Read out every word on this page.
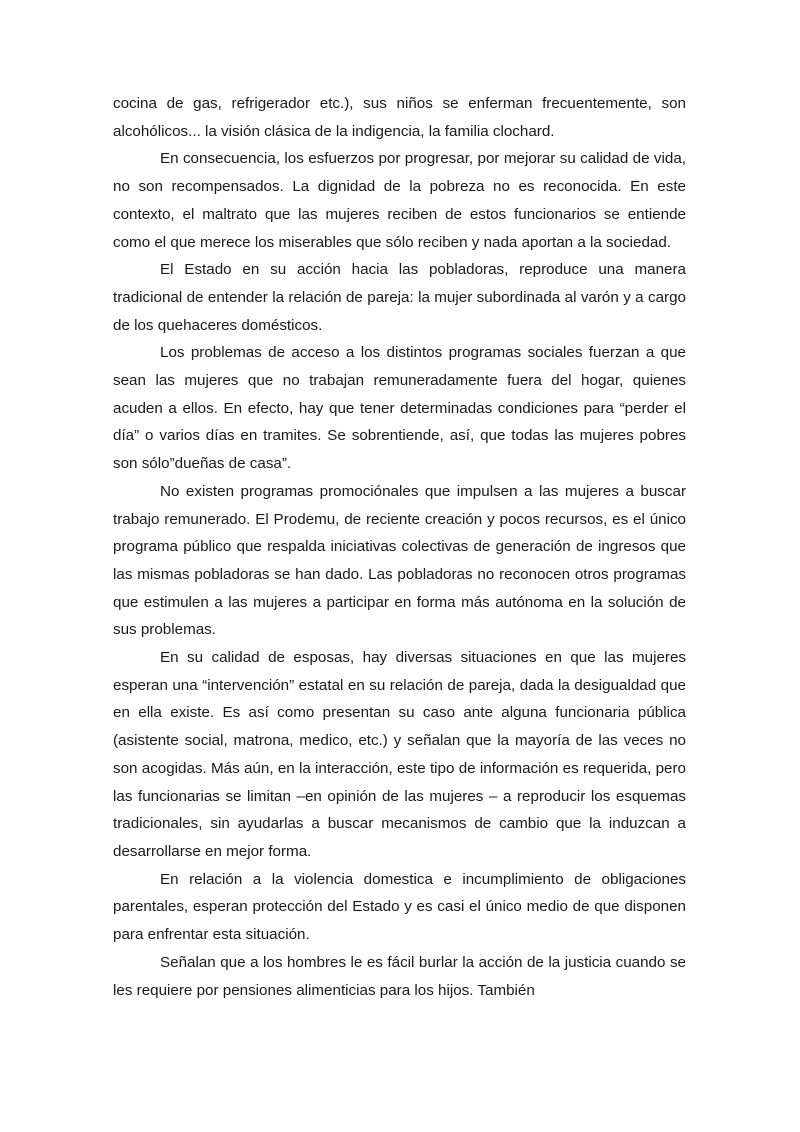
cocina de gas, refrigerador etc.), sus niños se enferman frecuentemente, son alcohólicos... la visión clásica de la indigencia, la familia clochard.

En consecuencia, los esfuerzos por progresar, por mejorar su calidad de vida, no son recompensados. La dignidad de la pobreza no es reconocida. En este contexto, el maltrato que las mujeres reciben de estos funcionarios se entiende como el que merece los miserables que sólo reciben y nada aportan a la sociedad.

El Estado en su acción hacia las pobladoras, reproduce una manera tradicional de entender la relación de pareja: la mujer subordinada al varón y a cargo de los quehaceres domésticos.

Los problemas de acceso a los distintos programas sociales fuerzan a que sean las mujeres que no trabajan remuneradamente fuera del hogar, quienes acuden a ellos. En efecto, hay que tener determinadas condiciones para “perder el día” o varios días en tramites. Se sobrentiende, así, que todas las mujeres pobres son sólo”dueñas de casa”.

No existen programas promociónales que impulsen a las mujeres a buscar trabajo remunerado. El Prodemu, de reciente creación y pocos recursos, es el único programa público que respalda iniciativas colectivas de generación de ingresos que las mismas pobladoras se han dado. Las pobladoras no reconocen otros programas que estimulen a las mujeres a participar en forma más autónoma en la solución de sus problemas.

En su calidad de esposas, hay diversas situaciones en que las mujeres esperan una “intervención” estatal en su relación de pareja, dada la desigualdad que en ella existe. Es así como presentan su caso ante alguna funcionaria pública (asistente social, matrona, medico, etc.) y señalan que la mayoría de las veces no son acogidas. Más aún, en la interacción, este tipo de información es requerida, pero las funcionarias se limitan –en opinión de las mujeres – a reproducir los esquemas tradicionales, sin ayudarlas a buscar mecanismos de cambio que la induzcan a desarrollarse en mejor forma.

En relación a la violencia domestica e incumplimiento de obligaciones parentales, esperan protección del Estado y es casi el único medio de que disponen para enfrentar esta situación.

Señalan que a los hombres le es fácil burlar la acción de la justicia cuando se les requiere por pensiones alimenticias para los hijos. También
